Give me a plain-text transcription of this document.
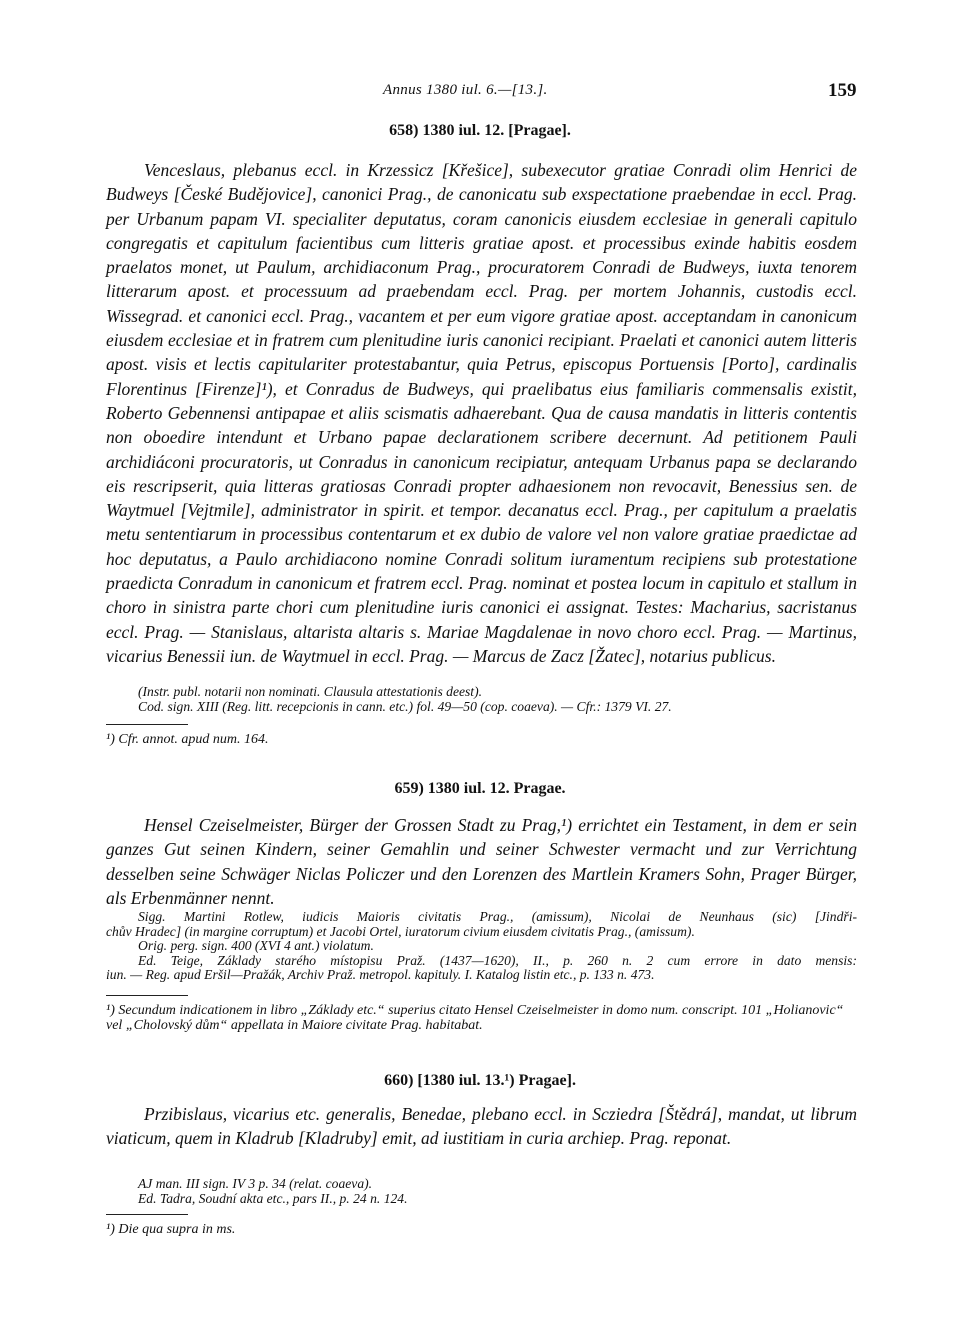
Annus 1380 iul. 6.—[13.].	159
658) 1380 iul. 12. [Pragae].

Venceslaus, plebanus eccl. in Krzessicz [Křešice], subexecutor gratiae Conradi olim Henrici de Budweys [České Budějovice], canonici Prag., de canonicatu sub exspectatione praebendae in eccl. Prag. per Urbanum papam VI. specialiter deputatus, coram canonicis eiusdem ecclesiae in generali capitulo congregatis et capitulum facientibus cum litteris gratiae apost. et processibus exinde habitis eosdem praelatos monet, ut Paulum, archidiaconum Prag., procuratorem Conradi de Budweys, iuxta tenorem litterarum apost. et processuum ad praebendam eccl. Prag. per mortem Johannis, custodis eccl. Wissegrad. et canonici eccl. Prag., vacantem et per eum vigore gratiae apost. acceptandam in canonicum eiusdem ecclesiae et in fratrem cum plenitudine iuris canonici recipiant. Praelati et canonici autem litteris apost. visis et lectis capitulariter protestabantur, quia Petrus, episcopus Portuensis [Porto], cardinalis Florentinus [Firenze]¹), et Conradus de Budweys, qui praelibatus eius familiaris commensalis existit, Roberto Gebennensi antipapae et aliis scismatis adhaerebant. Qua de causa mandatis in litteris contentis non oboedire intendunt et Urbano papae declarationem scribere decernunt. Ad petitionem Pauli archidiáconi procuratoris, ut Conradus in canonicum recipiatur, antequam Urbanus papa se declarando eis rescripserit, quia litteras gratiosas Conradi propter adhaesionem non revocavit, Benessius sen. de Waytmuel [Vejtmile], administrator in spirit. et tempor. decanatus eccl. Prag., per capitulum a praelatis metu sententiarum in processibus contentarum et ex dubio de valore vel non valore gratiae praedictae ad hoc deputatus, a Paulo archidiacono nomine Conradi solitum iuramentum recipiens sub protestatione praedicta Conradum in canonicum et fratrem eccl. Prag. nominat et postea locum in capitulo et stallum in choro in sinistra parte chori cum plenitudine iuris canonici ei assignat. Testes: Macharius, sacristanus eccl. Prag. — Stanislaus, altarista altaris s. Mariae Magdalenae in novo choro eccl. Prag. — Martinus, vicarius Benessii iun. de Waytmuel in eccl. Prag. — Marcus de Zacz [Žatec], notarius publicus.

(Instr. publ. notarii non nominati. Clausula attestationis deest).
Cod. sign. XIII (Reg. litt. recepcionis in cann. etc.) fol. 49—50 (cop. coaeva). — Cfr.: 1379 VI. 27.

¹) Cfr. annot. apud num. 164.

659) 1380 iul. 12. Pragae.

Hensel Czeiselmeister, Bürger der Grossen Stadt zu Prag,¹) errichtet ein Testament, in dem er sein ganzes Gut seinen Kindern, seiner Gemahlin und seiner Schwester vermacht und zur Verrichtung desselben seine Schwäger Niclas Policzer und den Lorenzen des Martlein Kramers Sohn, Prager Bürger, als Erbenmänner nennt.

Sigg. Martini Rotlew, iudicis Maioris civitatis Prag., (amissum), Nicolai de Neunhaus (sic) [Jindři-
chův Hradec] (in margine corruptum) et Jacobi Ortel, iuratorum civium eiusdem civitatis Prag., (amissum).
Orig. perg. sign. 400 (XVI 4 ant.) violatum.
Ed. Teige, Základy starého místopisu Praž. (1437—1620), II., p. 260 n. 2 cum errore in dato mensis:
iun. — Reg. apud Eršil—Pražák, Archiv Praž. metropol. kapituly. I. Katalog listin etc., p. 133 n. 473.

¹) Secundum indicationem in libro „Základy etc.“ superius citato Hensel Czeiselmeister in domo num. conscript. 101 „Holianovic“ vel „Cholovský dům“ appellata in Maiore civitate Prag. habitabat.

660) [1380 iul. 13.¹) Pragae].

Przibislaus, vicarius etc. generalis, Benedae, plebano eccl. in Scziedra [Štědrá], mandat, ut librum viaticum, quem in Kladrub [Kladruby] emit, ad iustitiam in curia archiep. Prag. reponat.

AJ man. III sign. IV 3 p. 34 (relat. coaeva).
Ed. Tadra, Soudní akta etc., pars II., p. 24 n. 124.

¹) Die qua supra in ms.
